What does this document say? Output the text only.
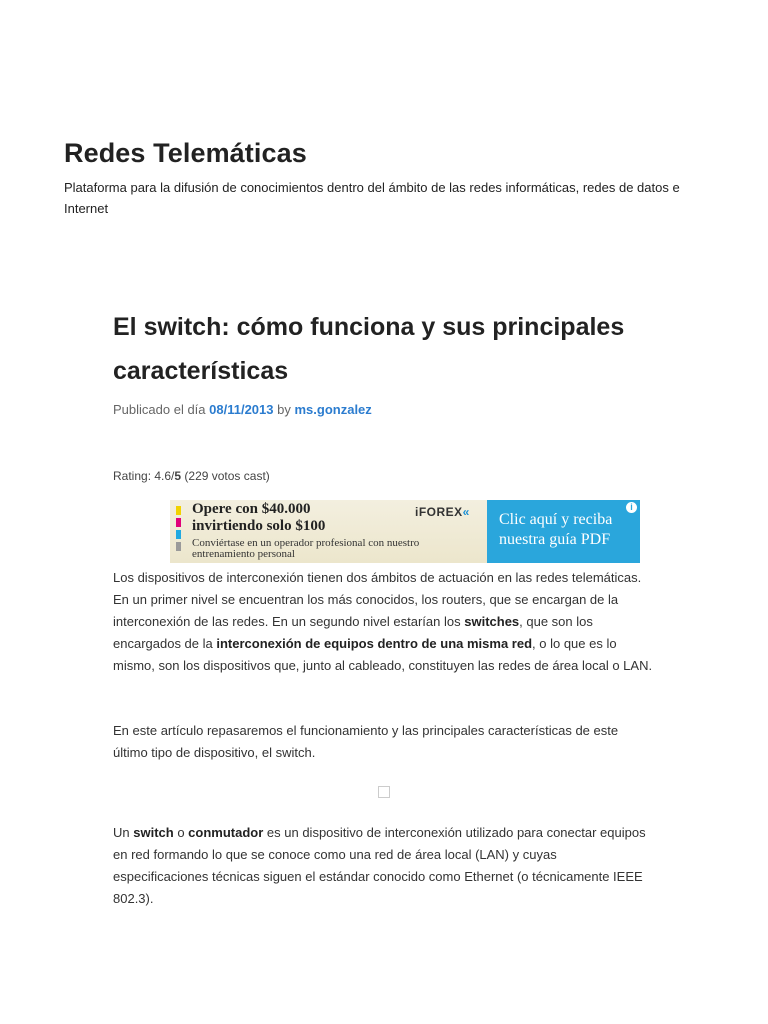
Redes Telemáticas

Plataforma para la difusión de conocimientos dentro del ámbito de las redes informáticas, redes de datos e Internet

El switch: cómo funciona y sus principales características
Publicado el día 08/11/2013 by ms.gonzalez
Rating: 4.6/5 (229 votos cast)
Opere con $40.000
invirtiendo solo $100
Conviértase en un operador profesional con nuestro entrenamiento personal
iFOREX« Clic aquí y reciba nuestra guía PDF
i

Los dispositivos de interconexión tienen dos ámbitos de actuación en las redes telemáticas. En un primer nivel se encuentran los más conocidos, los routers, que se encargan de la interconexión de las redes. En un segundo nivel estarían los switches, que son los encargados de la interconexión de equipos dentro de una misma red, o lo que es lo mismo, son los dispositivos que, junto al cableado, constituyen las redes de área local o LAN.

En este artículo repasaremos el funcionamiento y las principales características de este último tipo de dispositivo, el switch.

Un switch o conmutador es un dispositivo de interconexión utilizado para conectar equipos en red formando lo que se conoce como una red de área local (LAN) y cuyas especificaciones técnicas siguen el estándar conocido como Ethernet (o técnicamente IEEE 802.3).
